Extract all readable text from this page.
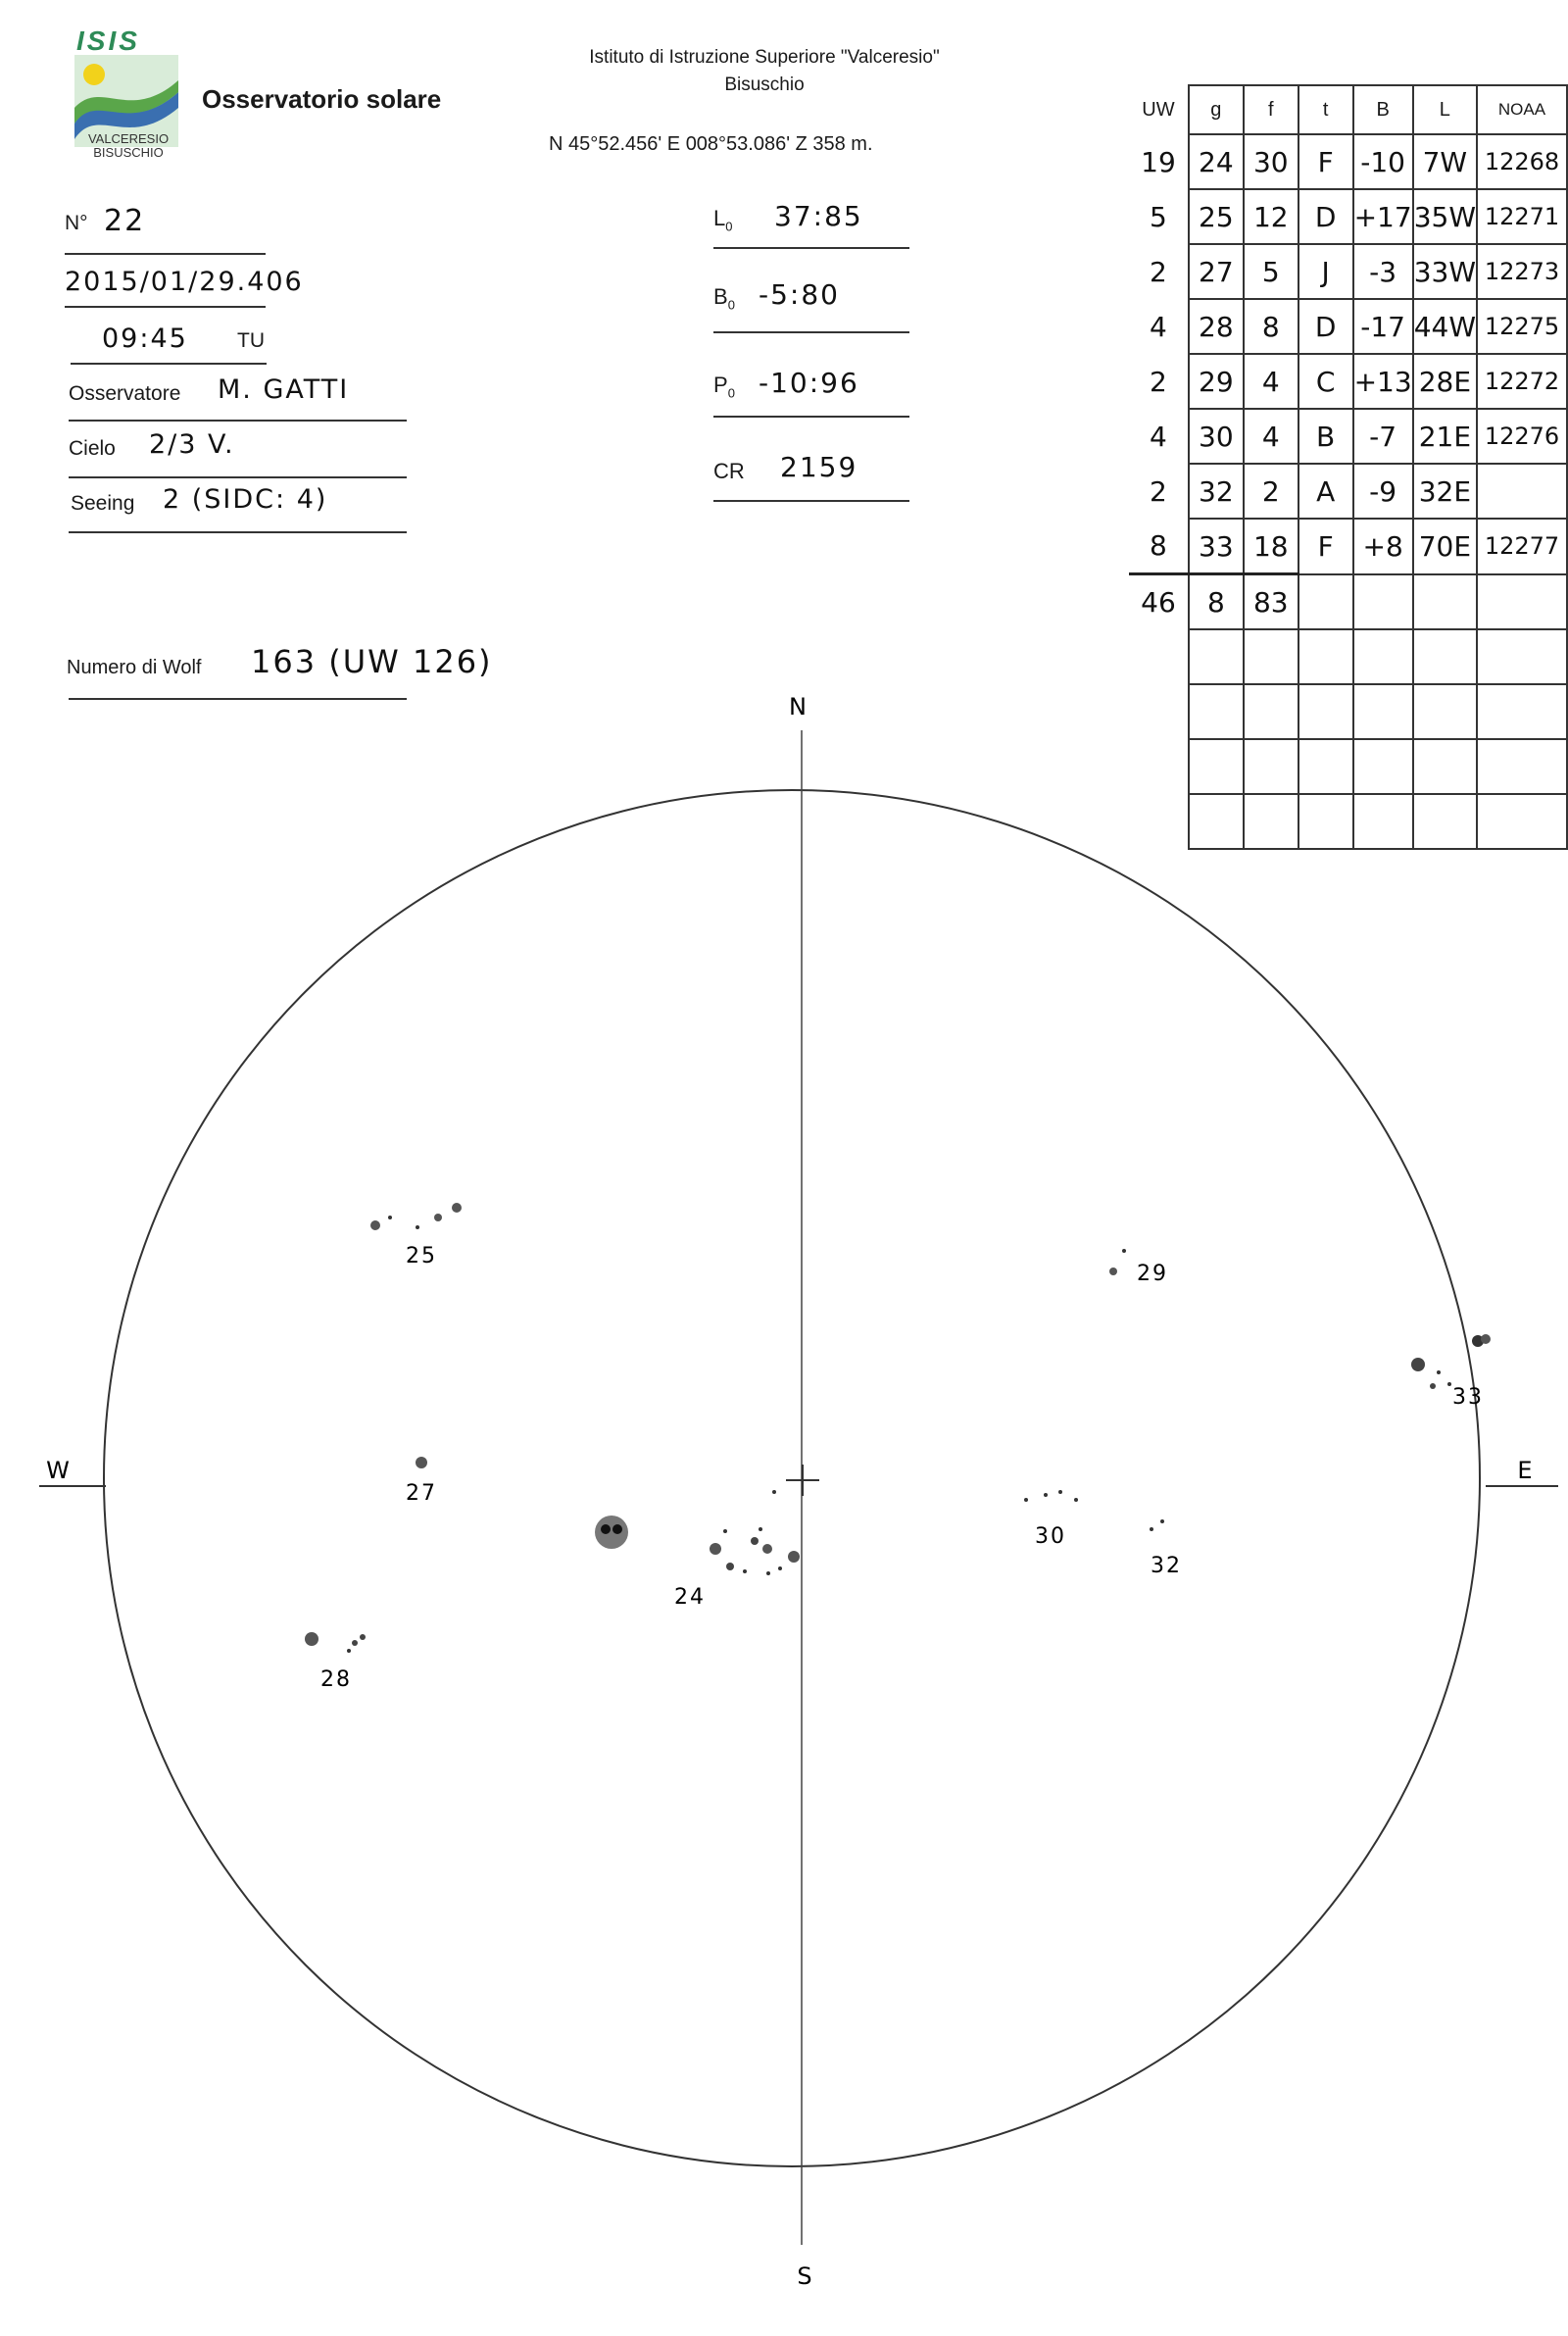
ISIS
VALCERESIO
BISUSCHIO
Osservatorio solare
Istituto di Istruzione Superiore "Valceresio"
Bisuschio
N 45°52.456' E 008°53.086' Z 358 m.
N° 22
2015/01/29.406
09:45 TU
Osservatore M. GATTI
Cielo 2/3 V.
Seeing 2 (SIDC: 4)
Numero di Wolf 163 (UW 126)
$L_0$ 37:85
$B_0$ -5:80
$P_0$ -10:96
CR 2159
UW	g	f	t	B	L	NOAA
19	24	30	F	-10	7W	12268
5	25	12	D	+17	35W	12271
2	27	5	J	-3	33W	12273
4	28	8	D	-17	44W	12275
2	29	4	C	+13	28E	12272
4	30	4	B	-7	21E	12276
2	32	2	A	-9	32E	
8	33	18	F	+8	70E	12277
46	8	83				

N
S
W	E
25
29
33
27
30
32
24
28
